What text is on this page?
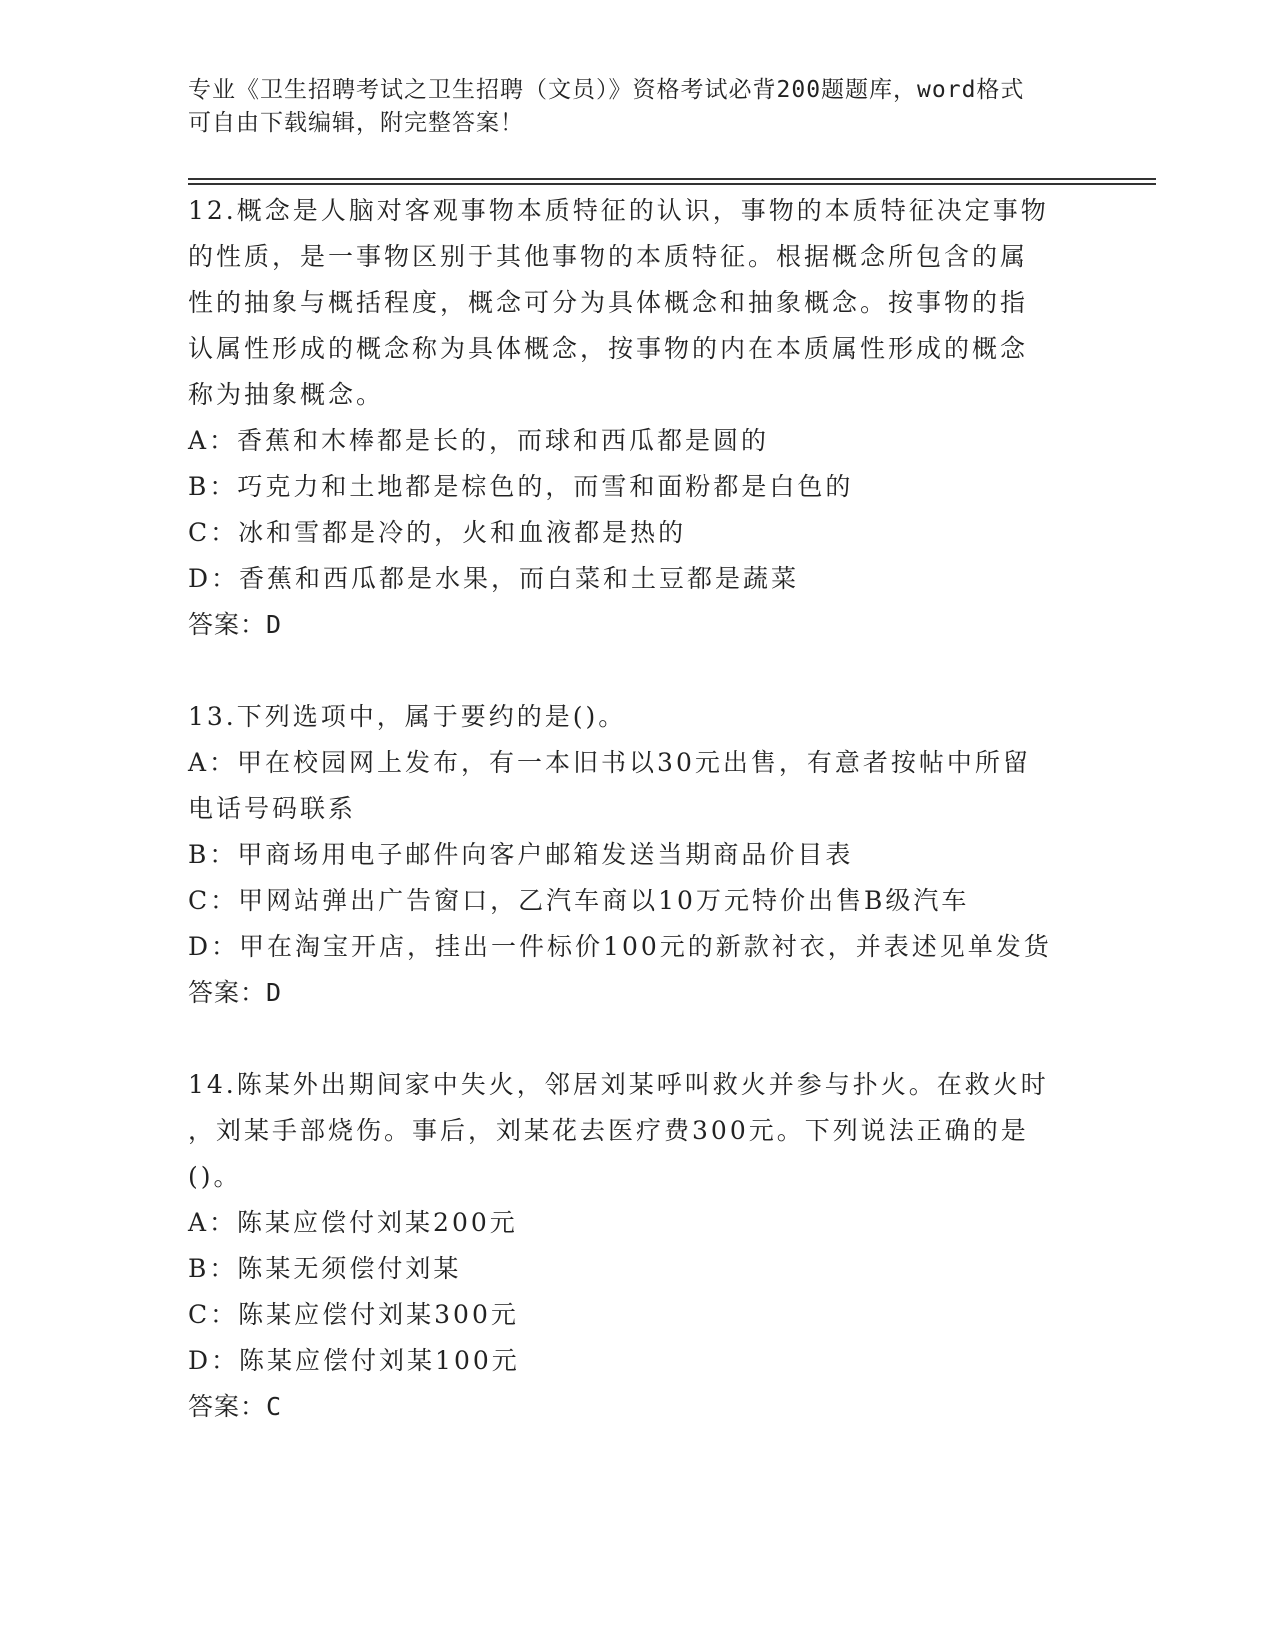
专业《卫生招聘考试之卫生招聘（文员）》资格考试必背200题题库，word格式
可自由下载编辑，附完整答案！
12.概念是人脑对客观事物本质特征的认识，事物的本质特征决定事物
的性质，是一事物区别于其他事物的本质特征。根据概念所包含的属
性的抽象与概括程度，概念可分为具体概念和抽象概念。按事物的指
认属性形成的概念称为具体概念，按事物的内在本质属性形成的概念
称为抽象概念。
A：香蕉和木棒都是长的，而球和西瓜都是圆的
B：巧克力和土地都是棕色的，而雪和面粉都是白色的
C：冰和雪都是冷的，火和血液都是热的
D：香蕉和西瓜都是水果，而白菜和土豆都是蔬菜
答案：D
13.下列选项中，属于要约的是()。
A：甲在校园网上发布，有一本旧书以30元出售，有意者按帖中所留
电话号码联系
B：甲商场用电子邮件向客户邮箱发送当期商品价目表
C：甲网站弹出广告窗口，乙汽车商以10万元特价出售B级汽车
D：甲在淘宝开店，挂出一件标价100元的新款衬衣，并表述见单发货
答案：D
14.陈某外出期间家中失火，邻居刘某呼叫救火并参与扑火。在救火时
，刘某手部烧伤。事后，刘某花去医疗费300元。下列说法正确的是
()。
A：陈某应偿付刘某200元
B：陈某无须偿付刘某
C：陈某应偿付刘某300元
D：陈某应偿付刘某100元
答案：C
